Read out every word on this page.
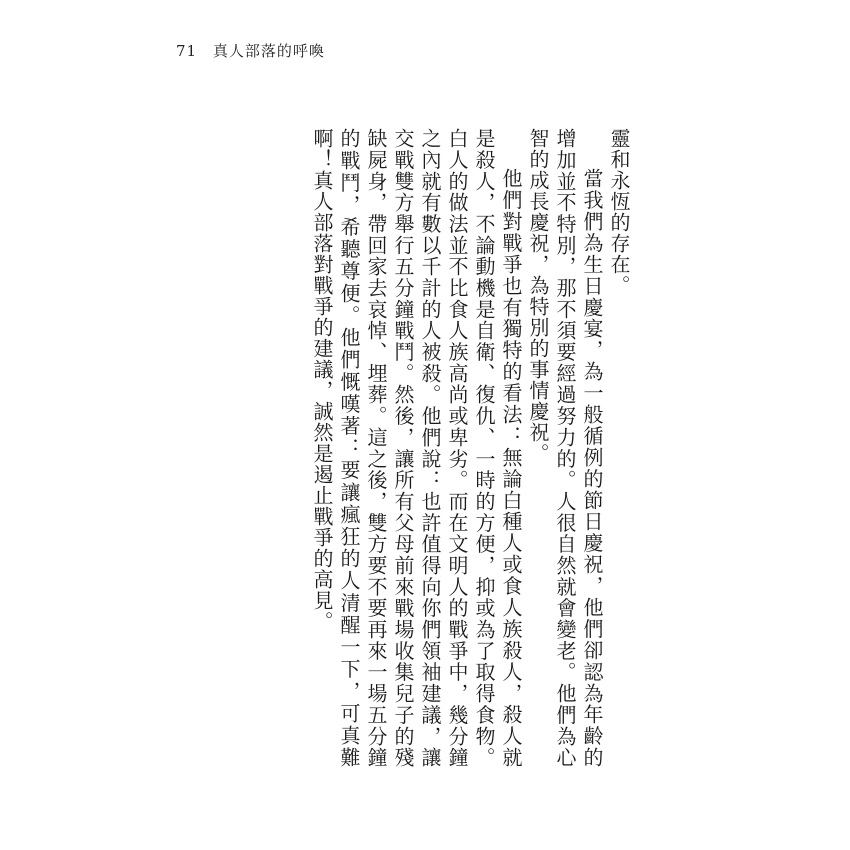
71 真人部落的呼喚

靈和永恆的存在。

當我們為生日慶宴，為一般循例的節日慶祝，他們卻認為年齡的增加並不特別，那不須要經過努力的。人很自然就會變老。他們為心智的成長慶祝，為特別的事情慶祝。

他們對戰爭也有獨特的看法：無論白種人或食人族殺人，殺人就是殺人，不論動機是自衛、復仇、一時的方便，抑或為了取得食物。白人的做法並不比食人族高尚或卑劣。而在文明人的戰爭中，幾分鐘之內就有數以千計的人被殺。他們說：也許值得向你們領袖建議，讓交戰雙方舉行五分鐘戰鬥。然後，讓所有父母前來戰場收集兒子的殘缺屍身，帶回家去哀悼、埋葬。這之後，雙方要不要再來一場五分鐘的戰鬥，希聽尊便。他們慨嘆著：要讓瘋狂的人清醒一下，可真難啊！真人部落對戰爭的建議，誠然是遏止戰爭的高見。
